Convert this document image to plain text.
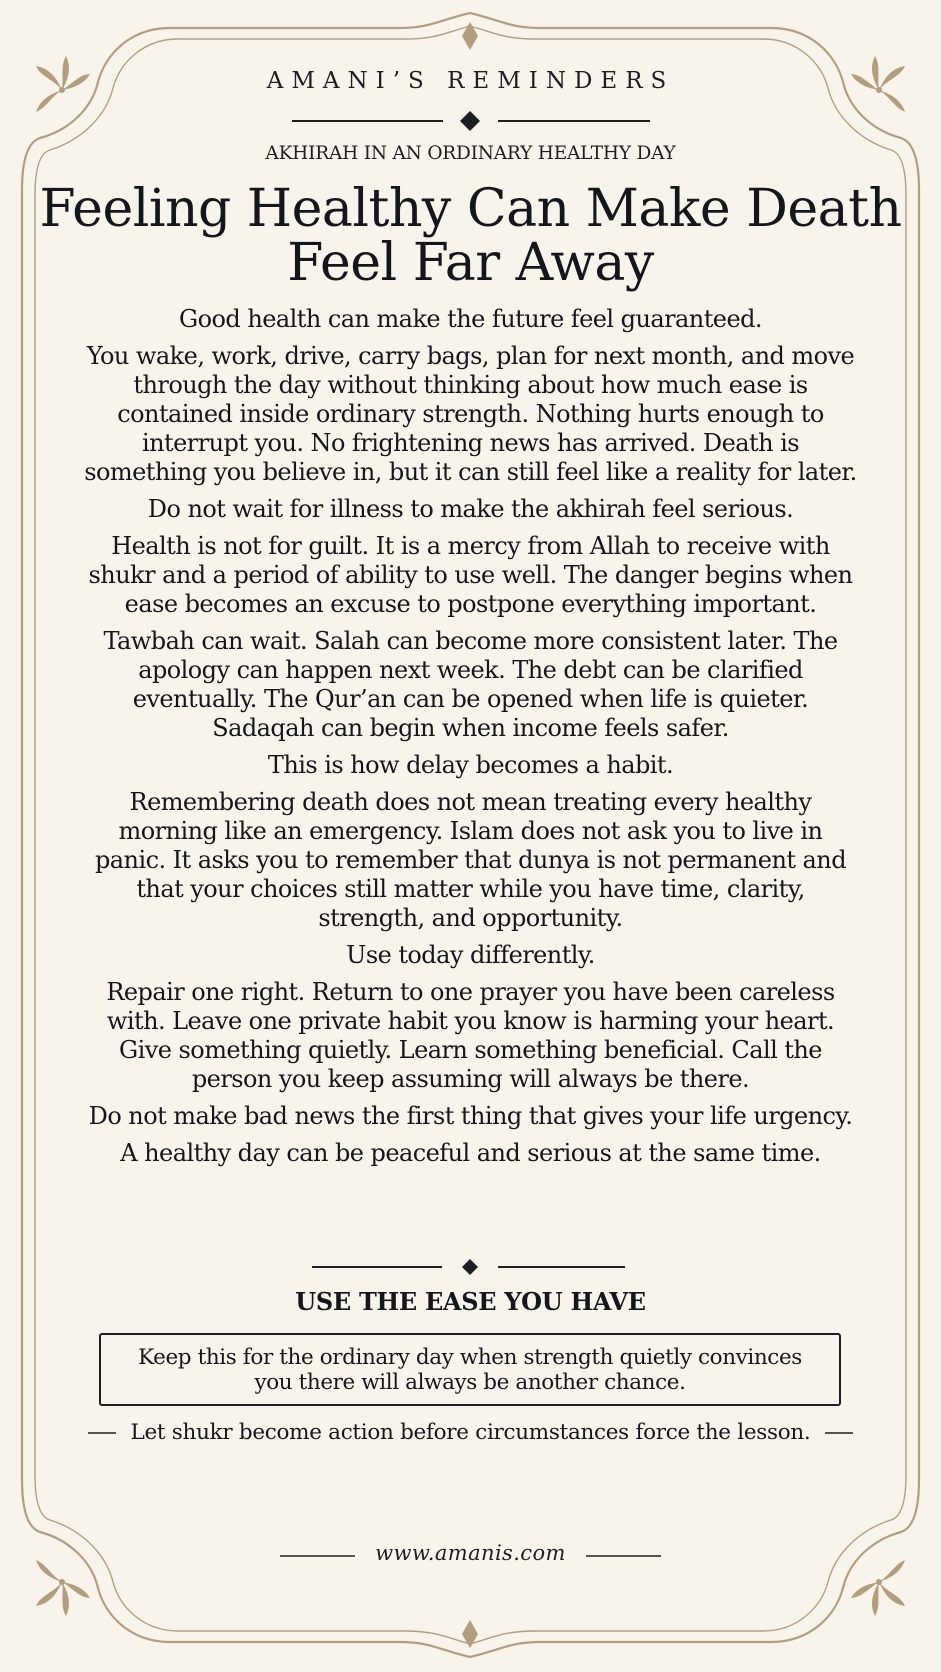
AMANI’S REMINDERS
AKHIRAH IN AN ORDINARY HEALTHY DAY
Feeling Healthy Can Make Death Feel Far Away

Good health can make the future feel guaranteed.

You wake, work, drive, carry bags, plan for next month, and move through the day without thinking about how much ease is contained inside ordinary strength. Nothing hurts enough to interrupt you. No frightening news has arrived. Death is something you believe in, but it can still feel like a reality for later.

Do not wait for illness to make the akhirah feel serious.

Health is not for guilt. It is a mercy from Allah to receive with shukr and a period of ability to use well. The danger begins when ease becomes an excuse to postpone everything important.

Tawbah can wait. Salah can become more consistent later. The apology can happen next week. The debt can be clarified eventually. The Qur’an can be opened when life is quieter. Sadaqah can begin when income feels safer.

This is how delay becomes a habit.

Remembering death does not mean treating every healthy morning like an emergency. Islam does not ask you to live in panic. It asks you to remember that dunya is not permanent and that your choices still matter while you have time, clarity, strength, and opportunity.

Use today differently.

Repair one right. Return to one prayer you have been careless with. Leave one private habit you know is harming your heart. Give something quietly. Learn something beneficial. Call the person you keep assuming will always be there.

Do not make bad news the first thing that gives your life urgency.

A healthy day can be peaceful and serious at the same time.

USE THE EASE YOU HAVE
Keep this for the ordinary day when strength quietly convinces you there will always be another chance.
Let shukr become action before circumstances force the lesson.
www.amanis.com
